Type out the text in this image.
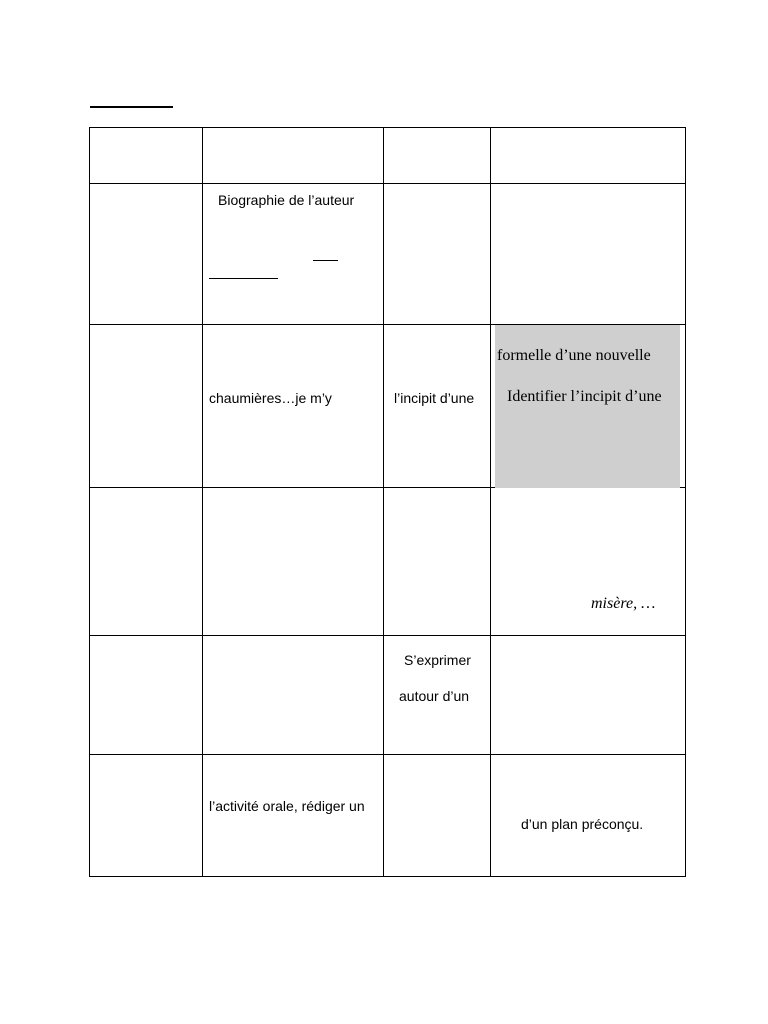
	Biographie de l’auteur		

	chaumières…je m’y	l’incipit d’une	formelle d’une nouvelle
Identifier l’incipit d’une

			misère, …

		S’exprimer
autour d’un	

	l’activité orale, rédiger un		d’un plan préconçu.
